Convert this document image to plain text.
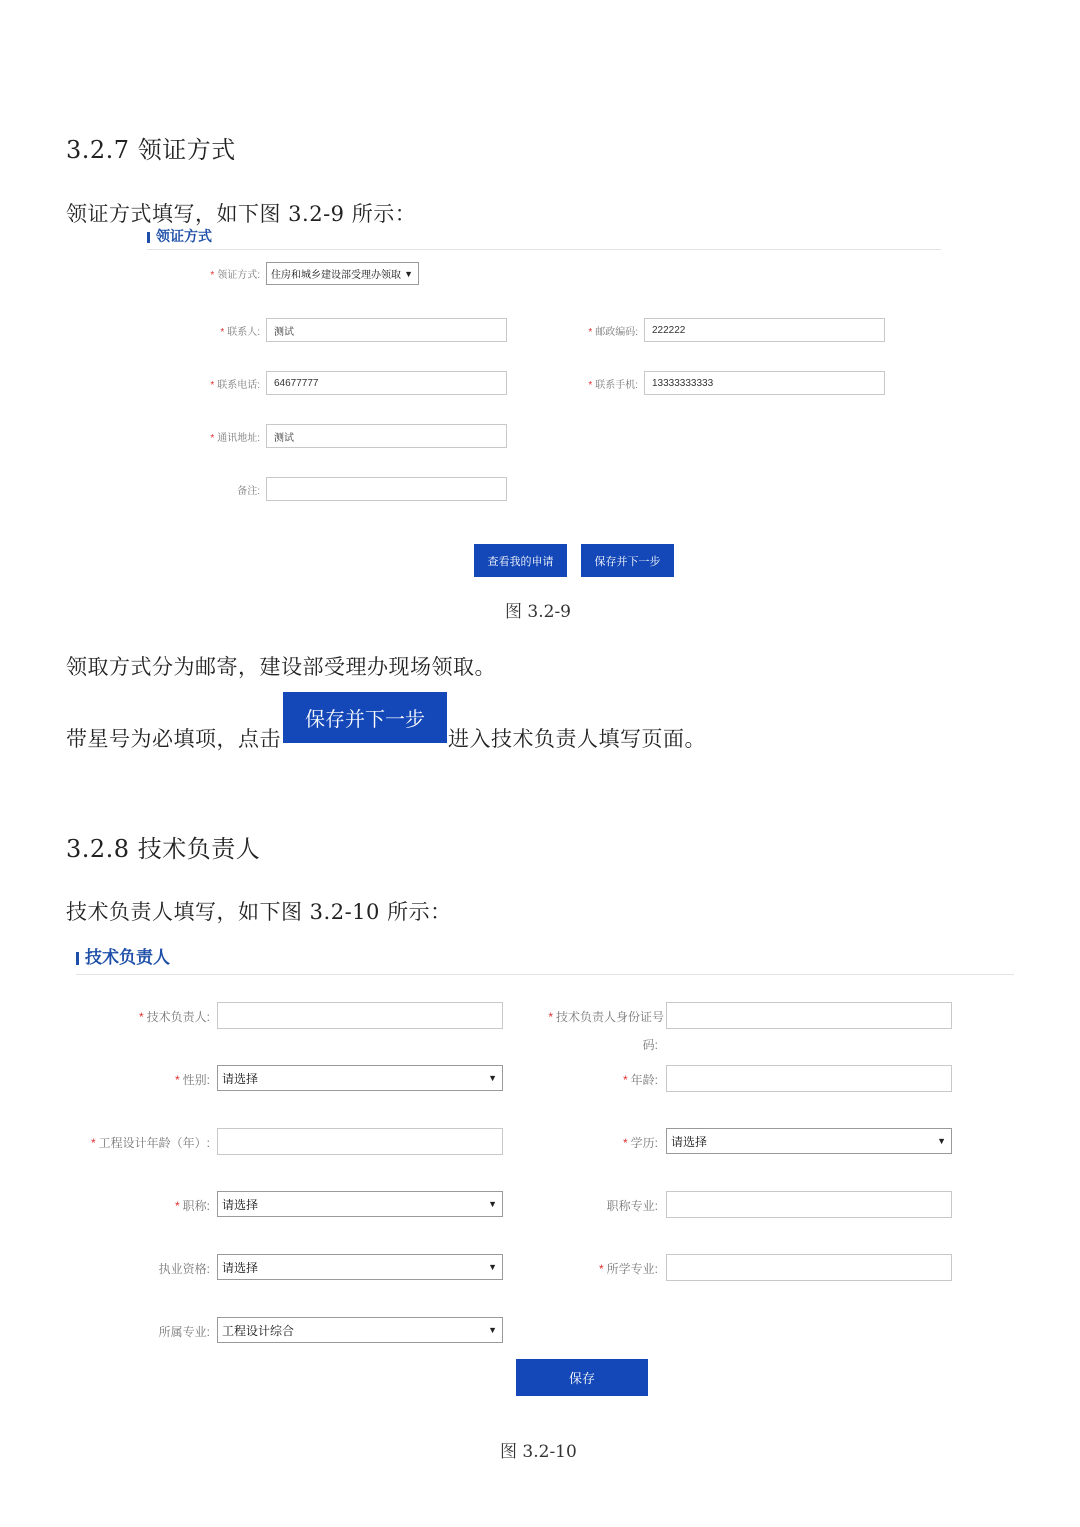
3.2.7 领证方式
领证方式填写，如下图 3.2-9 所示：
领证方式
* 领证方式: 住房和城乡建设部受理办领取 ▼
* 联系人:	测试	* 邮政编码:	222222
* 联系电话:	64677777	* 联系手机:	13333333333
* 通讯地址:	测试
备注:
查看我的申请	保存并下一步
图 3.2-9
领取方式分为邮寄，建设部受理办现场领取。
带星号为必填项，点击
保存并下一步
进入技术负责人填写页面。
3.2.8 技术负责人
技术负责人填写，如下图 3.2-10 所示：
技术负责人
* 技术负责人:	* 技术负责人身份证号
码:
* 性别: 请选择	▼	* 年龄:
* 工程设计年龄（年）:	* 学历: 请选择	▼
* 职称: 请选择	▼	职称专业:
执业资格: 请选择	▼	* 所学专业:
所属专业: 工程设计综合	▼
保存
图 3.2-10
